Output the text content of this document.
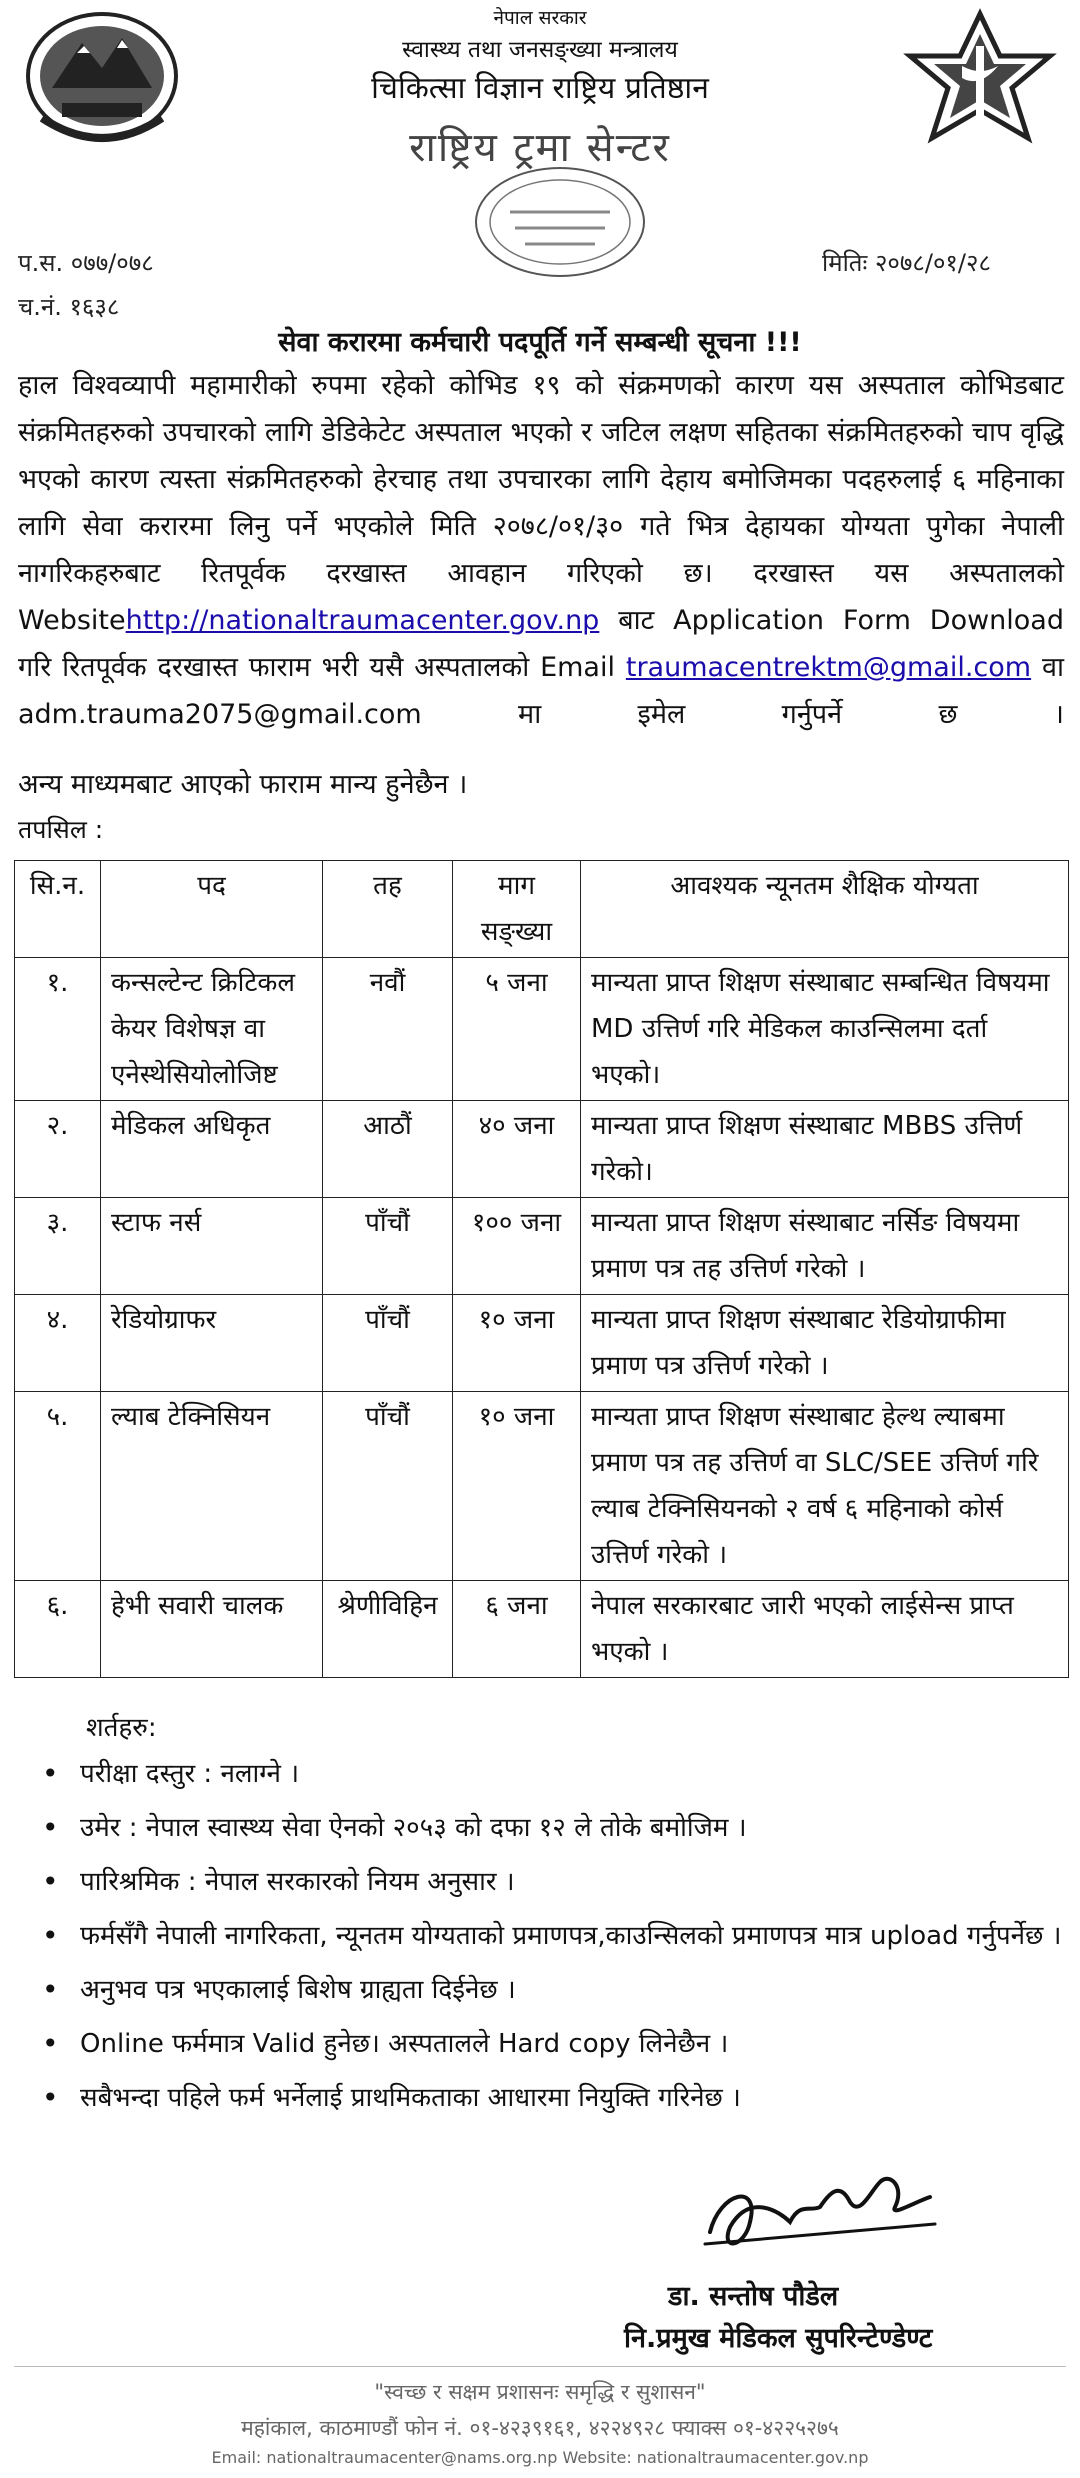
नेपाल सरकार
स्वास्थ्य तथा जनसङ्ख्या मन्त्रालय
चिकित्सा विज्ञान राष्ट्रिय प्रतिष्ठान
राष्ट्रिय ट्रमा सेन्टर
प.स. ०७७/०७८
च.नं. १६३८
मितिः २०७८/०१/२८
सेवा करारमा कर्मचारी पदपूर्ति गर्ने सम्बन्धी सूचना !!!
हाल विश्वव्यापी महामारीको रुपमा रहेको कोभिड १९ को संक्रमणको कारण यस अस्पताल कोभिडबाट संक्रमितहरुको उपचारको लागि डेडिकेटेट अस्पताल भएको र जटिल लक्षण सहितका संक्रमितहरुको चाप वृद्धि भएको कारण त्यस्ता संक्रमितहरुको हेरचाह तथा उपचारका लागि देहाय बमोजिमका पदहरुलाई ६ महिनाका लागि सेवा करारमा लिनु पर्ने भएकोले मिति २०७८/०१/३० गते भित्र देहायका योग्यता पुगेका नेपाली नागरिकहरुबाट रितपूर्वक दरखास्त आवहान गरिएको छ। दरखास्त यस अस्पतालको Websitehttp://nationaltraumacenter.gov.np बाट Application Form Download गरि रितपूर्वक दरखास्त फाराम भरी यसै अस्पतालको Email traumacentrektm@gmail.com वा adm.trauma2075@gmail.com मा इमेल गर्नुपर्ने छ ।
अन्य माध्यमबाट आएको फाराम मान्य हुनेछैन ।
तपसिल :
सि.न.	पद	तह	माग सङ्ख्या	आवश्यक न्यूनतम शैक्षिक योग्यता
१.	कन्सल्टेन्ट क्रिटिकल केयर विशेषज्ञ वा एनेस्थेसियोलोजिष्ट	नवौं	५ जना	मान्यता प्राप्त शिक्षण संस्थाबाट सम्बन्धित विषयमा MD उत्तिर्ण गरि मेडिकल काउन्सिलमा दर्ता भएको।
२.	मेडिकल अधिकृत	आठौं	४० जना	मान्यता प्राप्त शिक्षण संस्थाबाट MBBS उत्तिर्ण गरेको।
३.	स्टाफ नर्स	पाँचौं	१०० जना	मान्यता प्राप्त शिक्षण संस्थाबाट नर्सिङ विषयमा प्रमाण पत्र तह उत्तिर्ण गरेको ।
४.	रेडियोग्राफर	पाँचौं	१० जना	मान्यता प्राप्त शिक्षण संस्थाबाट रेडियोग्राफीमा प्रमाण पत्र उत्तिर्ण गरेको ।
५.	ल्याब टेक्निसियन	पाँचौं	१० जना	मान्यता प्राप्त शिक्षण संस्थाबाट हेल्थ ल्याबमा प्रमाण पत्र तह उत्तिर्ण वा SLC/SEE उत्तिर्ण गरि ल्याब टेक्निसियनको २ वर्ष ६ महिनाको कोर्स उत्तिर्ण गरेको ।
६.	हेभी सवारी चालक	श्रेणीविहिन	६ जना	नेपाल सरकारबाट जारी भएको लाईसेन्स प्राप्त भएको ।
शर्तहरु:
• परीक्षा दस्तुर : नलाग्ने ।
• उमेर : नेपाल स्वास्थ्य सेवा ऐनको २०५३ को दफा १२ ले तोके बमोजिम ।
• पारिश्रमिक : नेपाल सरकारको नियम अनुसार ।
• फर्मसँगै नेपाली नागरिकता, न्यूनतम योग्यताको प्रमाणपत्र,काउन्सिलको प्रमाणपत्र मात्र upload गर्नुपर्नेछ ।
• अनुभव पत्र भएकालाई बिशेष ग्राह्यता दिईनेछ ।
• Online फर्ममात्र Valid हुनेछ। अस्पतालले Hard copy लिनेछैन ।
• सबैभन्दा पहिले फर्म भर्नेलाई प्राथमिकताका आधारमा नियुक्ति गरिनेछ ।
डा. सन्तोष पौडेल
नि.प्रमुख मेडिकल सुपरिन्टेण्डेण्ट
"स्वच्छ र सक्षम प्रशासनः समृद्धि र सुशासन"
महांकाल, काठमाण्डौं फोन नं. ०१-४२३९१६१, ४२२४९२८ फ्याक्स ०१-४२२५२७५
Email: nationaltraumacenter@nams.org.np Website: nationaltraumacenter.gov.np
